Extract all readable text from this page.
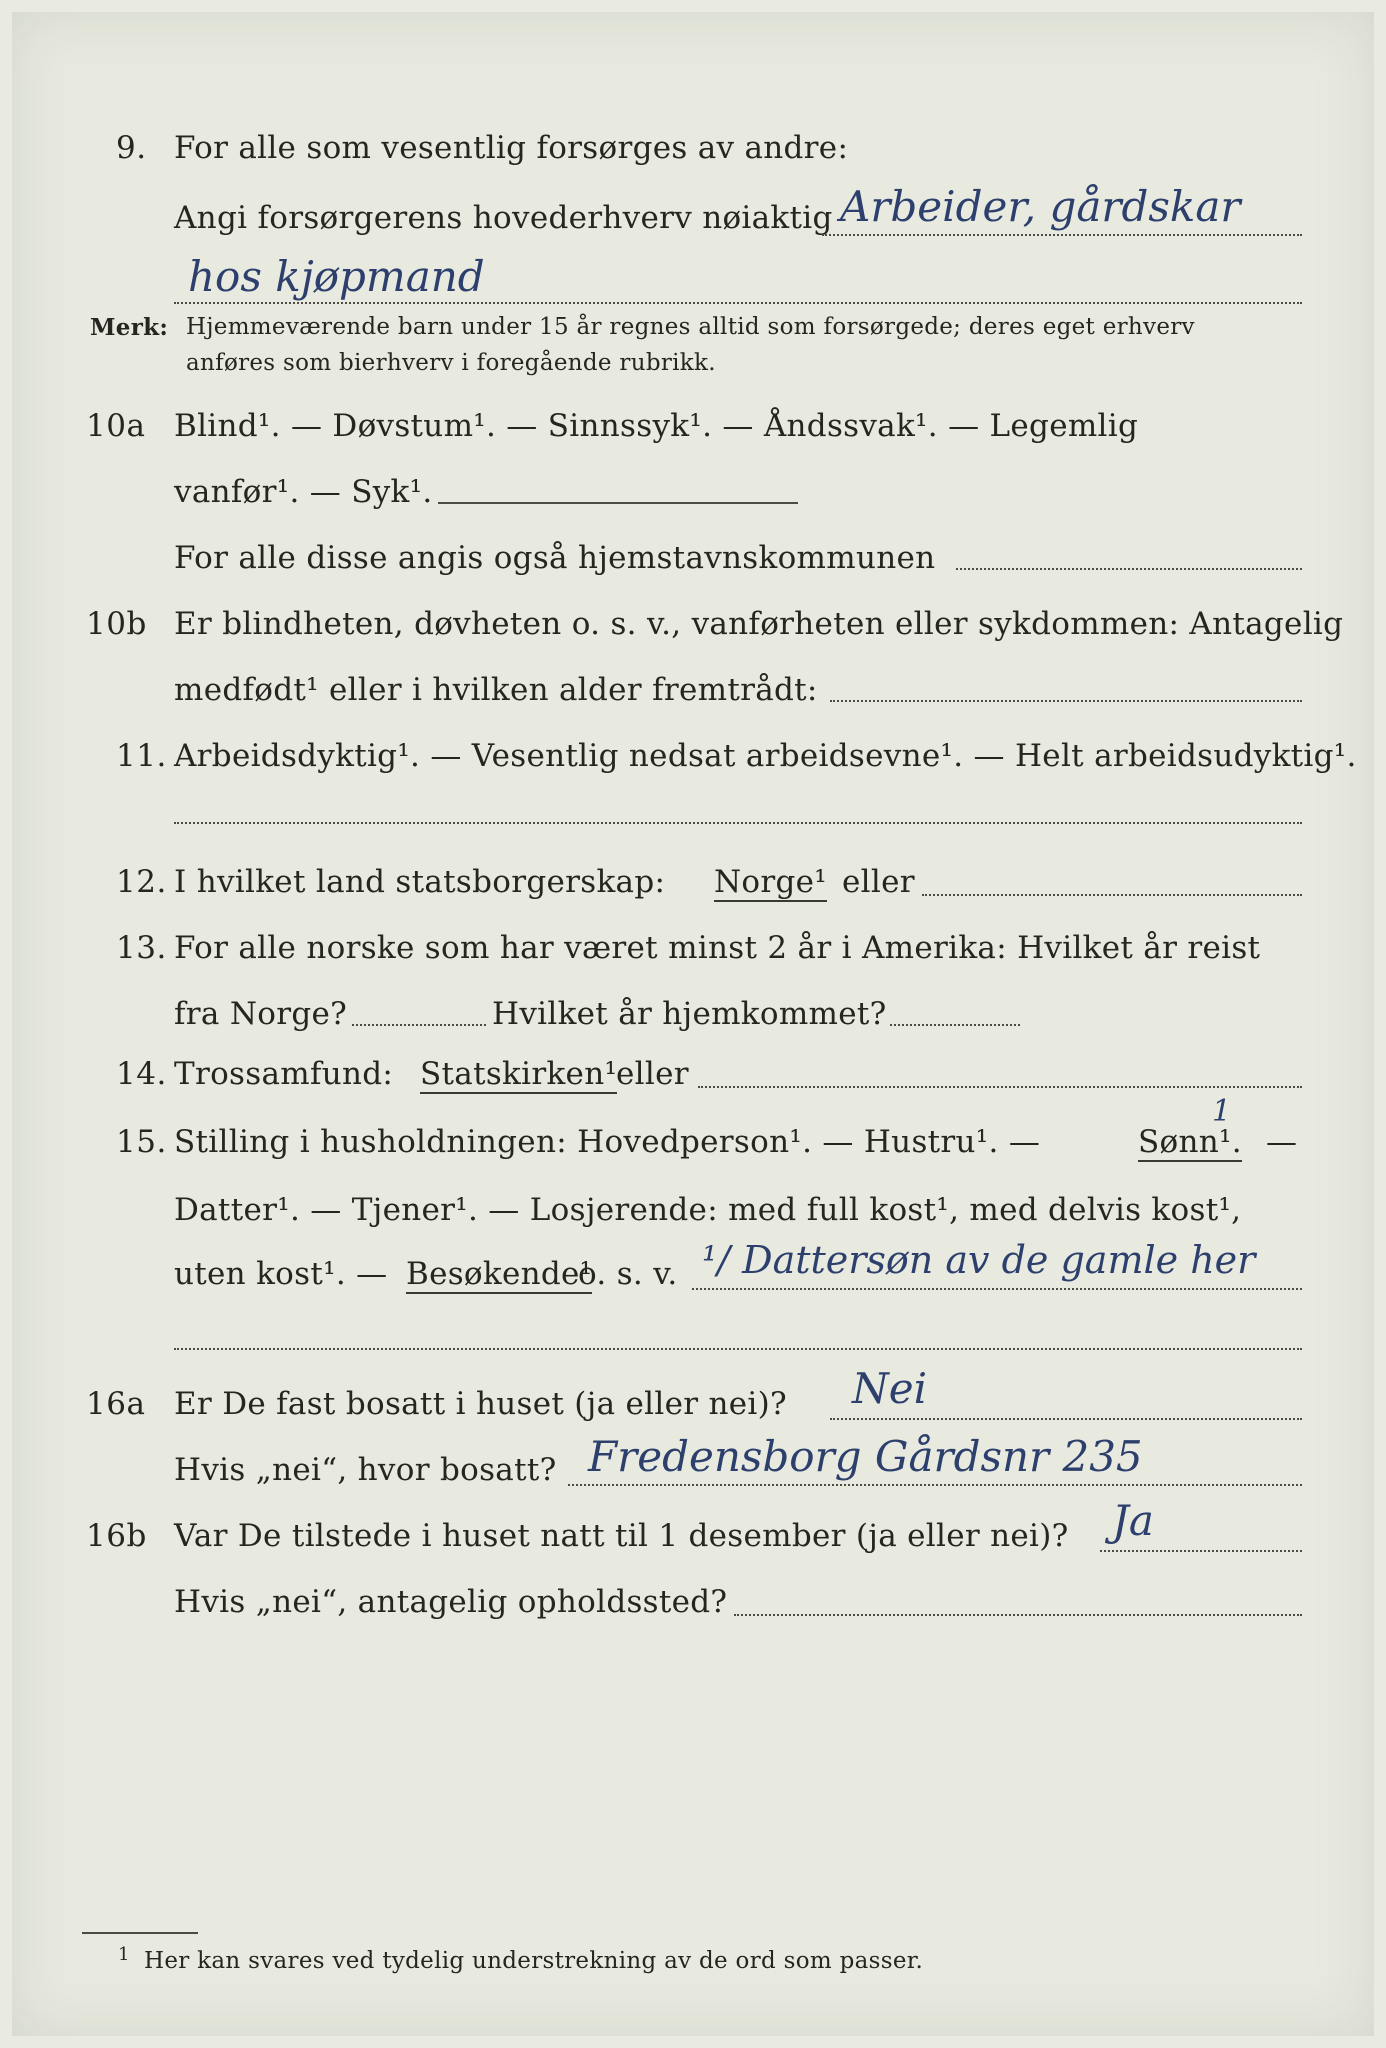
9. For alle som vesentlig forsørges av andre:
Angi forsørgerens hovederhverv nøiaktig Arbeider, gårdskar
hos kjøpmand
Merk: Hjemmeværende barn under 15 år regnes alltid som forsørgede; deres eget erhverv
anføres som bierhverv i foregående rubrikk.
10a Blind¹. — Døvstum¹. — Sinnssyk¹. — Åndssvak¹. — Legemlig
vanfør¹. — Syk¹.
For alle disse angis også hjemstavnskommunen
10b Er blindheten, døvheten o. s. v., vanførheten eller sykdommen: Antagelig
medfødt¹ eller i hvilken alder fremtrådt:
11. Arbeidsdyktig¹. — Vesentlig nedsat arbeidsevne¹. — Helt arbeidsudyktig¹.
12. I hvilket land statsborgerskap: Norge¹ eller
13. For alle norske som har været minst 2 år i Amerika: Hvilket år reist
fra Norge?	Hvilket år hjemkommet?
14. Trossamfund: Statskirken¹
eller
15. Stilling i husholdningen: Hovedperson¹. — Hustru¹. —	Sønn¹. —
1
Datter¹. — Tjener¹. — Losjerende: med full kost¹, med delvis kost¹,
uten kost¹. — Besøkende¹
o. s. v. ¹/ Dattersøn av de gamle her
16a Er De fast bosatt i huset (ja eller nei)? Nei
Hvis „nei“, hvor bosatt? Fredensborg Gårdsnr 235
16b Var De tilstede i huset natt til 1 desember (ja eller nei)? Ja
Hvis „nei“, antagelig opholdssted?
1 Her kan svares ved tydelig understrekning av de ord som passer.
